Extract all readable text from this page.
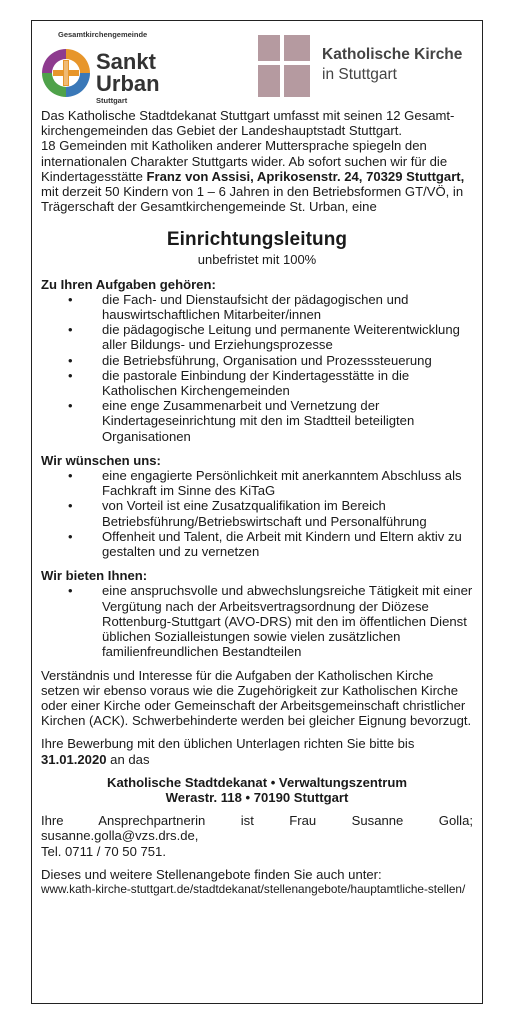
Gesamtkirchengemeinde
Sankt
Urban
Stuttgart
Katholische Kirche
in Stuttgart

Das Katholische Stadtdekanat Stuttgart umfasst mit seinen 12 Gesamt-kirchengemeinden das Gebiet der Landeshauptstadt Stuttgart.

18 Gemeinden mit Katholiken anderer Muttersprache spiegeln den internationalen Charakter Stuttgarts wider. Ab sofort suchen wir für die Kindertagesstätte Franz von Assisi, Aprikosenstr. 24, 70329 Stuttgart, mit derzeit 50 Kindern von 1 – 6 Jahren in den Betriebsformen GT/VÖ, in Trägerschaft der Gesamtkirchengemeinde St. Urban, eine

Einrichtungsleitung
unbefristet mit 100%
Zu Ihren Aufgaben gehören:
• die Fach- und Dienstaufsicht der pädagogischen und hauswirtschaftlichen Mitarbeiter/innen
• die pädagogische Leitung und permanente Weiterentwicklung aller Bildungs- und Erziehungsprozesse
• die Betriebsführung, Organisation und Prozesssteuerung
• die pastorale Einbindung der Kindertagesstätte in die Katholischen Kirchengemeinden
• eine enge Zusammenarbeit und Vernetzung der Kindertageseinrichtung mit den im Stadtteil beteiligten Organisationen
Wir wünschen uns:
• eine engagierte Persönlichkeit mit anerkanntem Abschluss als Fachkraft im Sinne des KiTaG
• von Vorteil ist eine Zusatzqualifikation im Bereich Betriebsführung/Betriebswirtschaft und Personalführung
• Offenheit und Talent, die Arbeit mit Kindern und Eltern aktiv zu gestalten und zu vernetzen
Wir bieten Ihnen:
• eine anspruchsvolle und abwechslungsreiche Tätigkeit mit einer Vergütung nach der Arbeitsvertragsordnung der Diözese Rottenburg-Stuttgart (AVO-DRS) mit den im öffentlichen Dienst üblichen Sozialleistungen sowie vielen zusätzlichen familienfreundlichen Bestandteilen

Verständnis und Interesse für die Aufgaben der Katholischen Kirche setzen wir ebenso voraus wie die Zugehörigkeit zur Katholischen Kirche oder einer Kirche oder Gemeinschaft der Arbeitsgemeinschaft christlicher Kirchen (ACK). Schwerbehinderte werden bei gleicher Eignung bevorzugt.

Ihre Bewerbung mit den üblichen Unterlagen richten Sie bitte bis 31.01.2020 an das

Katholische Stadtdekanat • Verwaltungszentrum
Werastr. 118 • 70190 Stuttgart
Ihre Ansprechpartnerin ist Frau Susanne Golla;
susanne.golla@vzs.drs.de,
Tel. 0711 / 70 50 751.
Dieses und weitere Stellenangebote finden Sie auch unter:
www.kath-kirche-stuttgart.de/stadtdekanat/stellenangebote/hauptamtliche-stellen/
